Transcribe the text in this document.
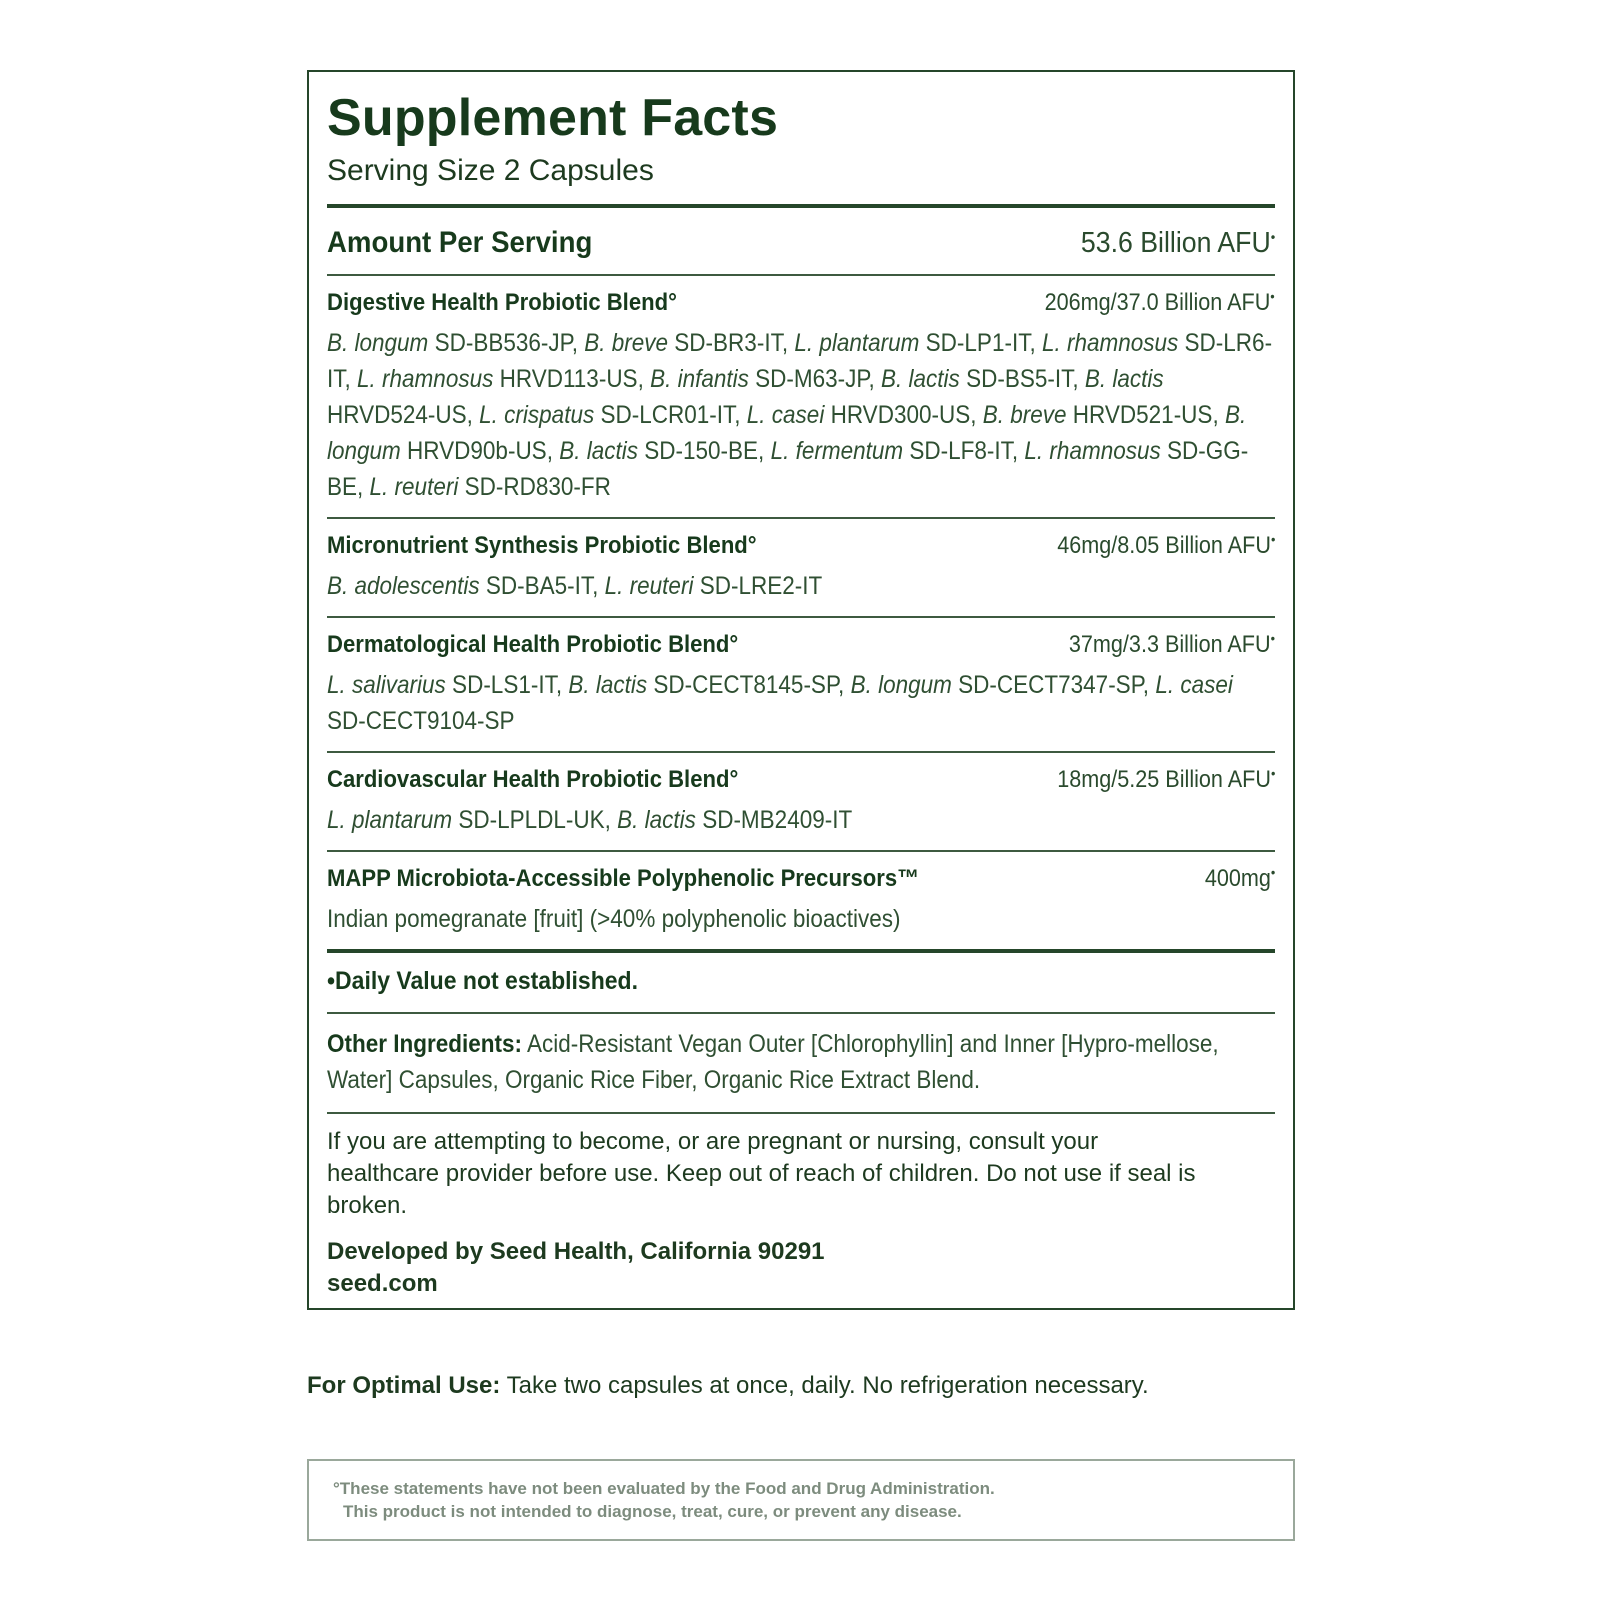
Supplement Facts
Serving Size 2 Capsules
Amount Per Serving	53.6 Billion AFU•
Digestive Health Probiotic Blend°	206mg/37.0 Billion AFU•
B. longum SD-BB536-JP, B. breve SD-BR3-IT, L. plantarum SD-LP1-IT, L. rhamnosus SD-LR6-IT, L. rhamnosus HRVD113-US, B. infantis SD-M63-JP, B. lactis SD-BS5-IT, B. lactis HRVD524-US, L. crispatus SD-LCR01-IT, L. casei HRVD300-US, B. breve HRVD521-US, B. longum HRVD90b-US, B. lactis SD-150-BE, L. fermentum SD-LF8-IT, L. rhamnosus SD-GG-BE, L. reuteri SD-RD830-FR
Micronutrient Synthesis Probiotic Blend°	46mg/8.05 Billion AFU•
B. adolescentis SD-BA5-IT, L. reuteri SD-LRE2-IT
Dermatological Health Probiotic Blend°	37mg/3.3 Billion AFU•
L. salivarius SD-LS1-IT, B. lactis SD-CECT8145-SP, B. longum SD-CECT7347-SP, L. casei SD-CECT9104-SP
Cardiovascular Health Probiotic Blend°	18mg/5.25 Billion AFU•
L. plantarum SD-LPLDL-UK, B. lactis SD-MB2409-IT
MAPP Microbiota-Accessible Polyphenolic Precursors™	400mg•
Indian pomegranate [fruit] (>40% polyphenolic bioactives)
•Daily Value not established.
Other Ingredients: Acid-Resistant Vegan Outer [Chlorophyllin] and Inner [Hypro-mellose, Water] Capsules, Organic Rice Fiber, Organic Rice Extract Blend.
If you are attempting to become, or are pregnant or nursing, consult your healthcare provider before use. Keep out of reach of children. Do not use if seal is broken.
Developed by Seed Health, California 90291
seed.com
For Optimal Use: Take two capsules at once, daily. No refrigeration necessary.
°These statements have not been evaluated by the Food and Drug Administration.
This product is not intended to diagnose, treat, cure, or prevent any disease.
